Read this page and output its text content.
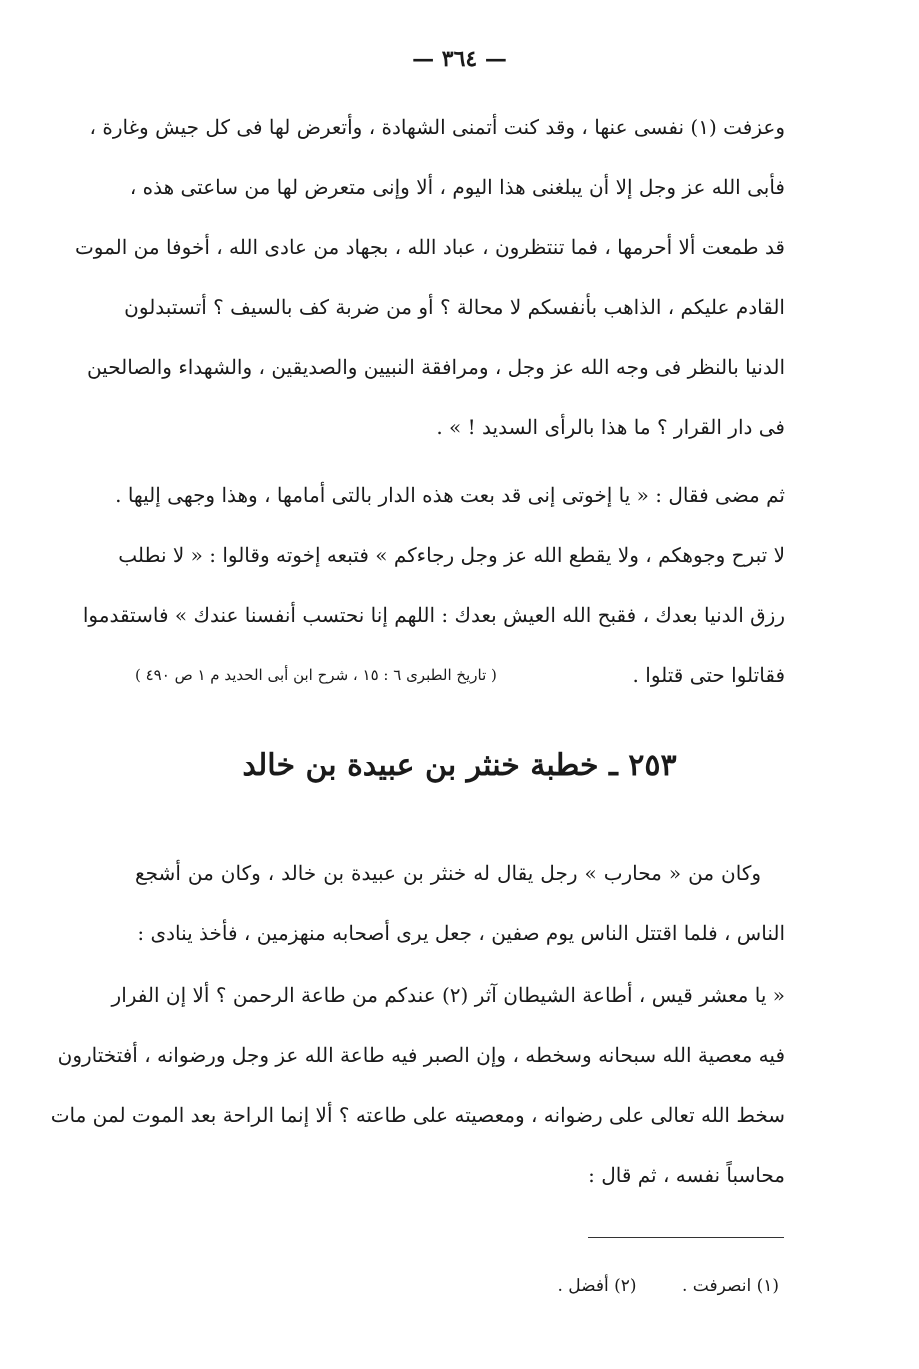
— ٣٦٤ —
وعزفت (١) نفسى عنها ، وقد كنت أتمنى الشهادة ، وأتعرض لها فى كل جيش وغارة ،
فأبى الله عز وجل إلا أن يبلغنى هذا اليوم ، ألا وإنى متعرض لها من ساعتى هذه ،
قد طمعت ألا أحرمها ، فما تنتظرون ، عباد الله ، بجهاد من عادى الله ، أخوفا من الموت
القادم عليكم ، الذاهب بأنفسكم لا محالة ؟ أو من ضربة كف بالسيف ؟ أتستبدلون
الدنيا بالنظر فى وجه الله عز وجل ، ومرافقة النبيين والصديقين ، والشهداء والصالحين
فى دار القرار ؟ ما هذا بالرأى السديد ! » .
ثم مضى فقال : « يا إخوتى إنى قد بعت هذه الدار بالتى أمامها ، وهذا وجهى إليها .
لا تبرح وجوهكم ، ولا يقطع الله عز وجل رجاءكم » فتبعه إخوته وقالوا : « لا نطلب
رزق الدنيا بعدك ، فقبح الله العيش بعدك : اللهم إنا نحتسب أنفسنا عندك » فاستقدموا
فقاتلوا حتى قتلوا .
( تاريخ الطبرى ٦ : ١٥ ، شرح ابن أبى الحديد م ١ ص ٤٩٠ )
٢٥٣ ـ خطبة خنثر بن عبيدة بن خالد
وكان من « محارب » رجل يقال له خنثر بن عبيدة بن خالد ، وكان من أشجع
الناس ، فلما اقتتل الناس يوم صفين ، جعل يرى أصحابه منهزمين ، فأخذ ينادى :
« يا معشر قيس ، أطاعة الشيطان آثر (٢) عندكم من طاعة الرحمن ؟ ألا إن الفرار
فيه معصية الله سبحانه وسخطه ، وإن الصبر فيه طاعة الله عز وجل ورضوانه ، أفتختارون
سخط الله تعالى على رضوانه ، ومعصيته على طاعته ؟ ألا إنما الراحة بعد الموت لمن مات
محاسباً نفسه ، ثم قال :
(١) انصرفت . (٢) أفضل .
